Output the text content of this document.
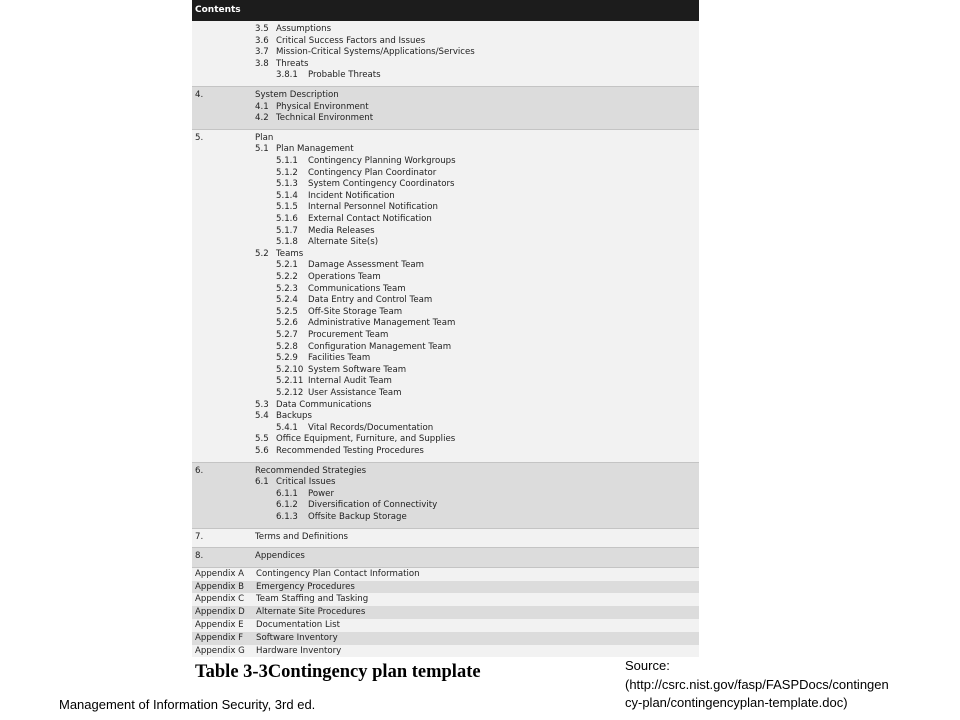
Contents
3.5 Assumptions
3.6 Critical Success Factors and Issues
3.7 Mission-Critical Systems/Applications/Services
3.8 Threats
3.8.1 Probable Threats
4.	System Description
4.1 Physical Environment
4.2 Technical Environment
5.	Plan
5.1 Plan Management
5.1.1 Contingency Planning Workgroups
5.1.2 Contingency Plan Coordinator
5.1.3 System Contingency Coordinators
5.1.4 Incident Notification
5.1.5 Internal Personnel Notification
5.1.6 External Contact Notification
5.1.7 Media Releases
5.1.8 Alternate Site(s)
5.2 Teams
5.2.1 Damage Assessment Team
5.2.2 Operations Team
5.2.3 Communications Team
5.2.4 Data Entry and Control Team
5.2.5 Off-Site Storage Team
5.2.6 Administrative Management Team
5.2.7 Procurement Team
5.2.8 Configuration Management Team
5.2.9 Facilities Team
5.2.10 System Software Team
5.2.11 Internal Audit Team
5.2.12 User Assistance Team
5.3 Data Communications
5.4 Backups
5.4.1 Vital Records/Documentation
5.5 Office Equipment, Furniture, and Supplies
5.6 Recommended Testing Procedures
6.	Recommended Strategies
6.1 Critical Issues
6.1.1 Power
6.1.2 Diversification of Connectivity
6.1.3 Offsite Backup Storage
7.	Terms and Definitions
8.	Appendices
Appendix A Contingency Plan Contact Information
Appendix B Emergency Procedures
Appendix C Team Staffing and Tasking
Appendix D Alternate Site Procedures
Appendix E Documentation List
Appendix F Software Inventory
Appendix G Hardware Inventory
Table 3-3Contingency plan template
Management of Information Security, 3rd ed.
Source:
(http://csrc.nist.gov/fasp/FASPDocs/contingen
cy-plan/contingencyplan-template.doc)
